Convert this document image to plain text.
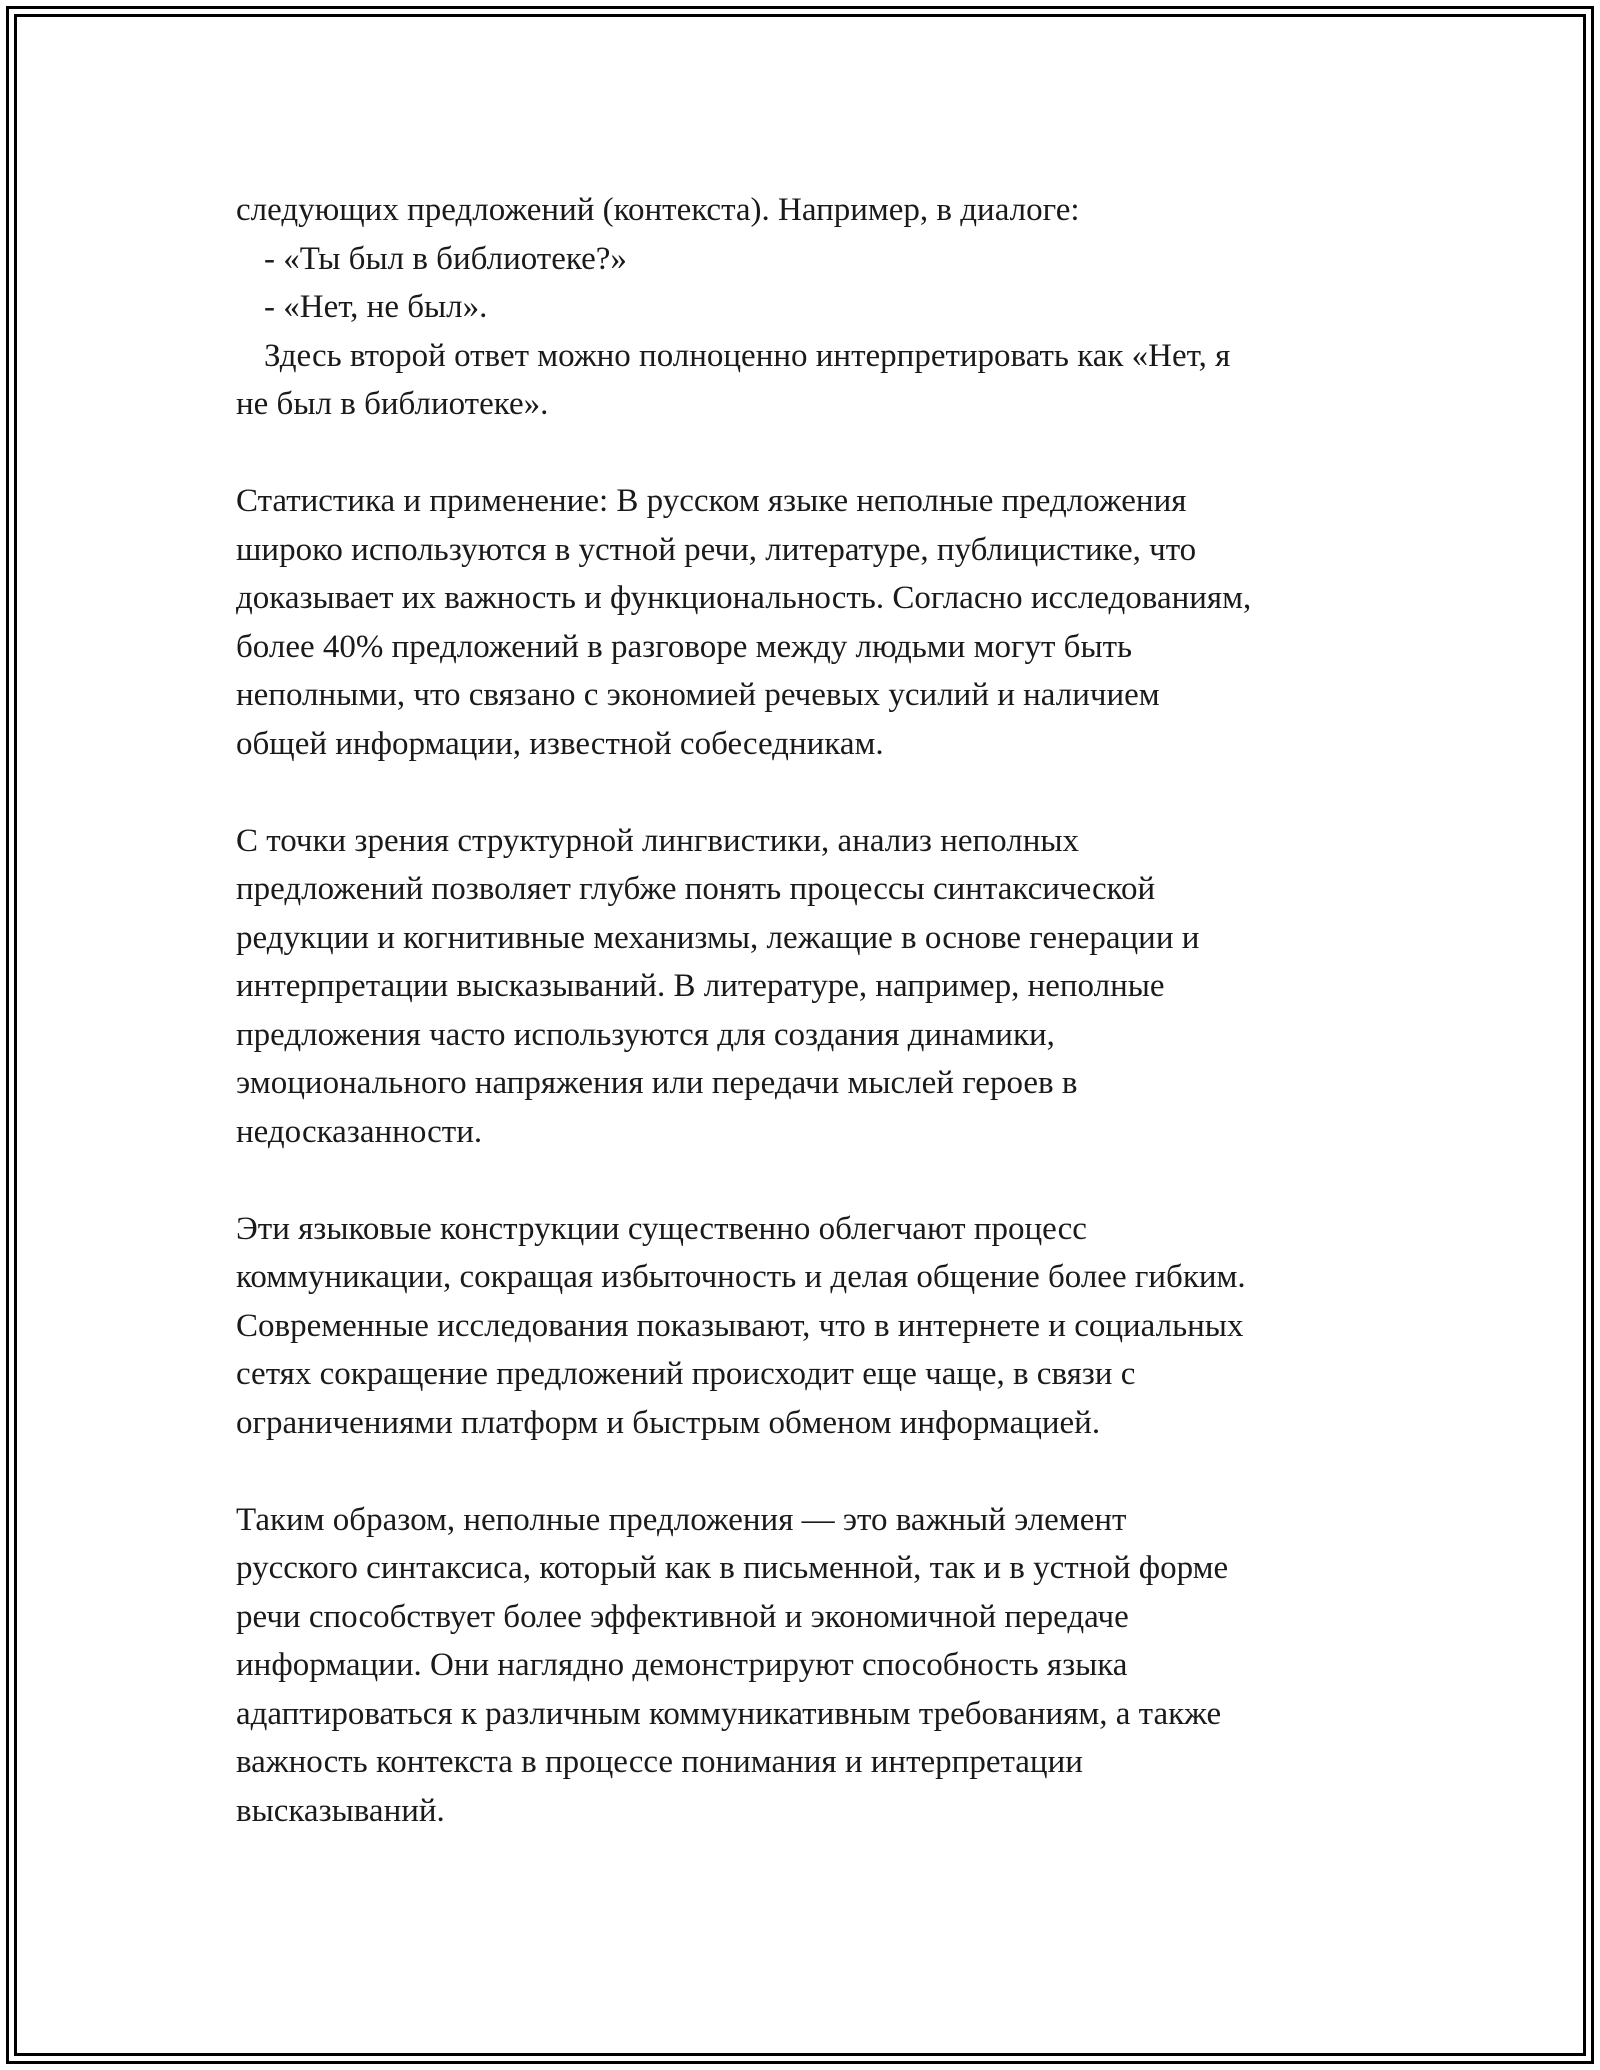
следующих предложений (контекста). Например, в диалоге:
- «Ты был в библиотеке?»
- «Нет, не был».
Здесь второй ответ можно полноценно интерпретировать как «Нет, я
не был в библиотеке».
Статистика и применение: В русском языке неполные предложения
широко используются в устной речи, литературе, публицистике, что
доказывает их важность и функциональность. Согласно исследованиям,
более 40% предложений в разговоре между людьми могут быть
неполными, что связано с экономией речевых усилий и наличием
общей информации, известной собеседникам.
С точки зрения структурной лингвистики, анализ неполных
предложений позволяет глубже понять процессы синтаксической
редукции и когнитивные механизмы, лежащие в основе генерации и
интерпретации высказываний. В литературе, например, неполные
предложения часто используются для создания динамики,
эмоционального напряжения или передачи мыслей героев в
недосказанности.
Эти языковые конструкции существенно облегчают процесс
коммуникации, сокращая избыточность и делая общение более гибким.
Современные исследования показывают, что в интернете и социальных
сетях сокращение предложений происходит еще чаще, в связи с
ограничениями платформ и быстрым обменом информацией.
Таким образом, неполные предложения — это важный элемент
русского синтаксиса, который как в письменной, так и в устной форме
речи способствует более эффективной и экономичной передаче
информации. Они наглядно демонстрируют способность языка
адаптироваться к различным коммуникативным требованиям, а также
важность контекста в процессе понимания и интерпретации
высказываний.
